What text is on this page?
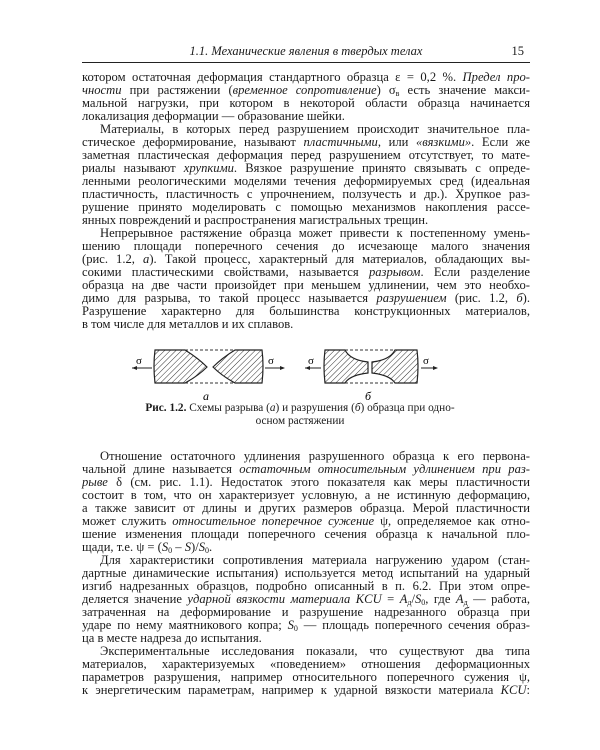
1.1. Механические явления в твердых телах	15
котором остаточная деформация стандартного образца ε = 0,2 %. Предел про-
чности при растяжении (временное сопротивление) σв есть значение макси-
мальной нагрузки, при котором в некоторой области образца начинается
локализация деформации — образование шейки.
Материалы, в которых перед разрушением происходит значительное пла-
стическое деформирование, называют пластичными, или «вязкими». Если же
заметная пластическая деформация перед разрушением отсутствует, то мате-
риалы называют хрупкими. Вязкое разрушение принято связывать с опреде-
ленными реологическими моделями течения деформируемых сред (идеальная
пластичность, пластичность с упрочнением, ползучесть и др.). Хрупкое раз-
рушение принято моделировать с помощью механизмов накопления рассе-
янных повреждений и распространения магистральных трещин.
Непрерывное растяжение образца может привести к постепенному умень-
шению площади поперечного сечения до исчезающе малого значения
(рис. 1.2, а). Такой процесс, характерный для материалов, обладающих вы-
сокими пластическими свойствами, называется разрывом. Если разделение
образца на две части произойдет при меньшем удлинении, чем это необхо-
димо для разрыва, то такой процесс называется разрушением (рис. 1.2, б).
Разрушение характерно для большинства конструкционных материалов,
в том числе для металлов и их сплавов.
σ	σ
а
σ	σ
б
Рис. 1.2. Схемы разрыва (а) и разрушения (б) образца при одно-
осном растяжении
Отношение остаточного удлинения разрушенного образца к его первона-
чальной длине называется остаточным относительным удлинением при раз-
рыве δ (см. рис. 1.1). Недостаток этого показателя как меры пластичности
состоит в том, что он характеризует условную, а не истинную деформацию,
а также зависит от длины и других размеров образца. Мерой пластичности
может служить относительное поперечное сужение ψ, определяемое как отно-
шение изменения площади поперечного сечения образца к начальной пло-
щади, т.е. ψ = (S0 – S)/S0.
Для характеристики сопротивления материала нагружению ударом (стан-
дартные динамические испытания) используется метод испытаний на ударный
изгиб надрезанных образцов, подробно описанный в п. 6.2. При этом опре-
деляется значение ударной вязкости материала KCU = Aд/S0, где Aд — работа,
затраченная на деформирование и разрушение надрезанного образца при
ударе по нему маятникового копра; S0 — площадь поперечного сечения образ-
ца в месте надреза до испытания.
Экспериментальные исследования показали, что существуют два типа
материалов, характеризуемых «поведением» отношения деформационных
параметров разрушения, например относительного поперечного сужения ψ,
к энергетическим параметрам, например к ударной вязкости материала KCU:
